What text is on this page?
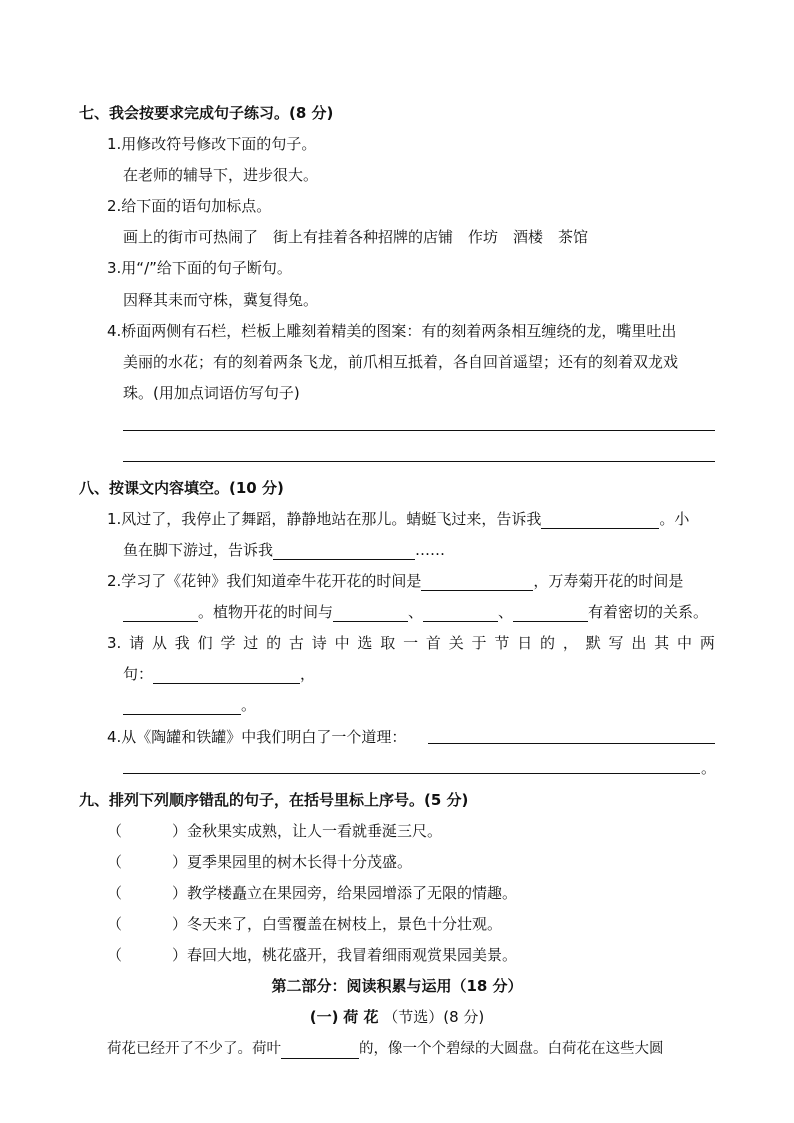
七、我会按要求完成句子练习。(8 分)
1.用修改符号修改下面的句子。
在老师的辅导下，进步很大。
2.给下面的语句加标点。
画上的街市可热闹了　街上有挂着各种招牌的店铺　作坊　酒楼　茶馆
3.用“/”给下面的句子断句。
因释其耒而守株，冀复得兔。
4.桥面两侧有石栏，栏板上雕刻着精美的图案：有的刻着两条相互缠绕的龙，嘴里吐出
美丽的水花；有的刻着两条飞龙，前爪相互抵着，各自回首遥望；还有的刻着双龙戏
珠。(用加点词语仿写句子)
八、按课文内容填空。(10 分)
1.风过了，我停止了舞蹈，静静地站在那儿。蜻蜓飞过来，告诉我	。小
鱼在脚下游过，告诉我	……
2.学习了《花钟》我们知道牵牛花开花的时间是	，万寿菊开花的时间是
。植物开花的时间与	、	、	有着密切的关系。
3. 请 从 我 们 学 过 的 古 诗 中 选 取 一 首 关 于 节 日 的 ， 默 写 出 其 中 两
句：	，
。
4.从《陶罐和铁罐》中我们明白了一个道理：
。
九、排列下列顺序错乱的句子，在括号里标上序号。(5 分)
（	）金秋果实成熟，让人一看就垂涎三尺。
（	）夏季果园里的树木长得十分茂盛。
（	）教学楼矗立在果园旁，给果园增添了无限的情趣。
（	）冬天来了，白雪覆盖在树枝上，景色十分壮观。
（	）春回大地，桃花盛开，我冒着细雨观赏果园美景。
第二部分：阅读积累与运用（18 分）
(一) 荷 花 （节选）(8 分)
荷花已经开了不少了。荷叶	的，像一个个碧绿的大圆盘。白荷花在这些大圆
